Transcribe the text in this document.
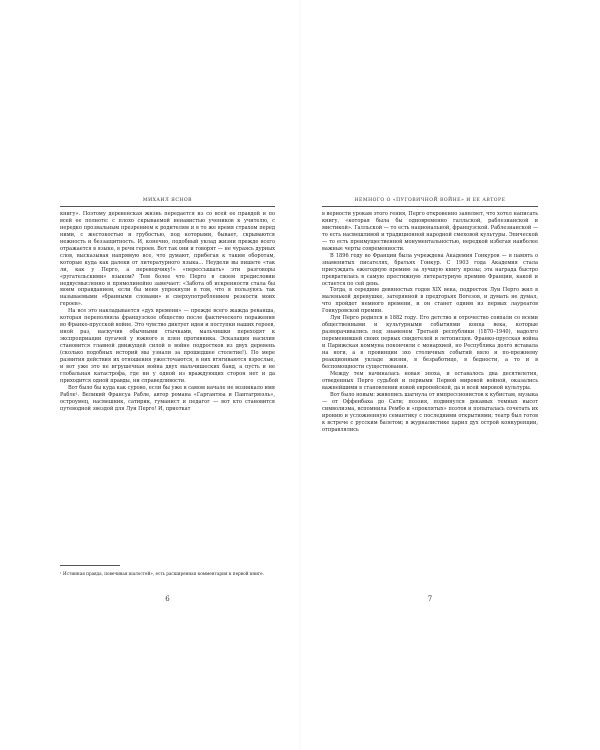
МИХАИЛ ЯСНОВ

книгу». Поэтому деревенская жизнь передается из со всей ее правдой и по всей ее полноте: с плохо скрываемой ненавистью учеников к учителю, с нередко прозвальным презрением к родителям и в то же время страхом перед ними, с жестокостью и грубостью, под которыми, бывает, скрываются нежность и беззащитность. И, конечно, подобный уклад жизни прежде всего отражается в языке, в речи героев. Вот так они и говорят — не чураясь дурных слов, высказывая напрямую все, что думают, прибегая к таким оборотам, которые куда как далеки от литературного языка… Неудели вы пишете «так ли, как у Перго, а переводчику!» «перессышать» эти разговоры «ругательскими» языком? Тем более что Перго в своем предисловии недвусмысленно и прямолинейно замечает: «Забота об искренности стала бы моим оправданием, если бы меня упрекнули в том, что я пользуюсь так называемыми «бранными словами» и сверхупотреблением резкости моих героев».

На все это накладывается «дух времени» — прежде всего жажда реванша, которая переполняла французское общество после фактического поражения во Франко-прусской войне. Это чувство диктует идеи и поступки наших героев, иной раз, наскучив обычными стычками, мальчишки переходят к экспроприации пугачей у южного в плен противника. Эскалация насилия становится главной движущей силой в войне подростков из двух деревень (сколько подобных историй мы узнали за прошедшее столетие!). По мере развития действия их отношения ужесточаются, в них втягиваются взрослые, и вот уже это не игрушечная война двух мальчишеских банд, а пусть и не глобальная катастрофа, где ни у одной из враждующих сторон нет и да приходится одной правды, ни справедливости.

Вот было бы куда как сурово, если бы уже в самом начале не возникало имя Рабле¹. Великий Франсуа Рабле, автор романа «Гаргантюа и Пантагрюэль», остроумец, насмешник, сатирик, гуманист и педагог — вот кто становится путеводной звездой для Луи Перго! И, приоткат

¹ Истинная правда, повечивая шалостей», есть расширенная комментария к первой книге.
6
НЕМНОГО О «ПУГОВИЧНОЙ ВОЙНЕ» И ЕЕ АВТОРЕ

в верности урокам этого гения, Перго откровенно заявляет, что хотел написать книгу, «которая была бы одновременно галльской, раблезианской и мистикой». Галльской — то есть национальной, французской. Раблезианской — то есть насмешливой и традиционной народной смеховой культуры. Эпической — то есть преимущественной монументальностью, нередкой избегая наиболее важные черты современности.

В 1896 году во Франции была учреждена Академия Гонкуров — в память о знаменитых писателях, братьях Гонкур. С 1903 года Академия стала присуждать ежегодную премию за лучшую книгу прозы; эта награда быстро превратилась в самую престижную литературную премию Франции, какой и остается по сей день.

Тогда, в середине девяностых годов XIX века, подросток Луи Перго жил в маленькой деревушке, затерянной в предгорьях Вогезов, и думать не думал, что пройдет немного времени, и он станет одним из первых лауреатов Гонкуровской премии.

Луи Перго родился в 1882 году. Его детство и отрочество совпали со всеми общественными и культурными событиями конца века, которые разворачивались под знаменем Третьей республики (1870–1940), надолго переменившей своих первых свидетелей и летописцев. Франко-прусская война и Парижская коммуна покончили с монархией, но Республика долго вставала на ноги, а в провинции эхо столичных событий вяло и по-прежнему реакционным укладе жизни, в безработице, в бедности, а то и в беспомощности существования.

Между тем начиналась новая эпоха, и оставалось два десятилетия, отведенных Перго судьбой и первыми Первой мировой войной, оказались важнейшими в становлении новой европейской, да и всей мировой культуры.

Вот было новым: живопись шагнула от импрессионистов к кубистам, музыка — от Оффенбаха до Сати; поэзия, подвинулся декамых темных высот символизма, вспомнила Рембо и «проклятых» поэтов и попыталась сочетать их иронию и усложненную семантику с последними открытиями; театр был готов к встрече с русским балетом; в журналистике царил дух острой конкуренции, отправлялись

7
